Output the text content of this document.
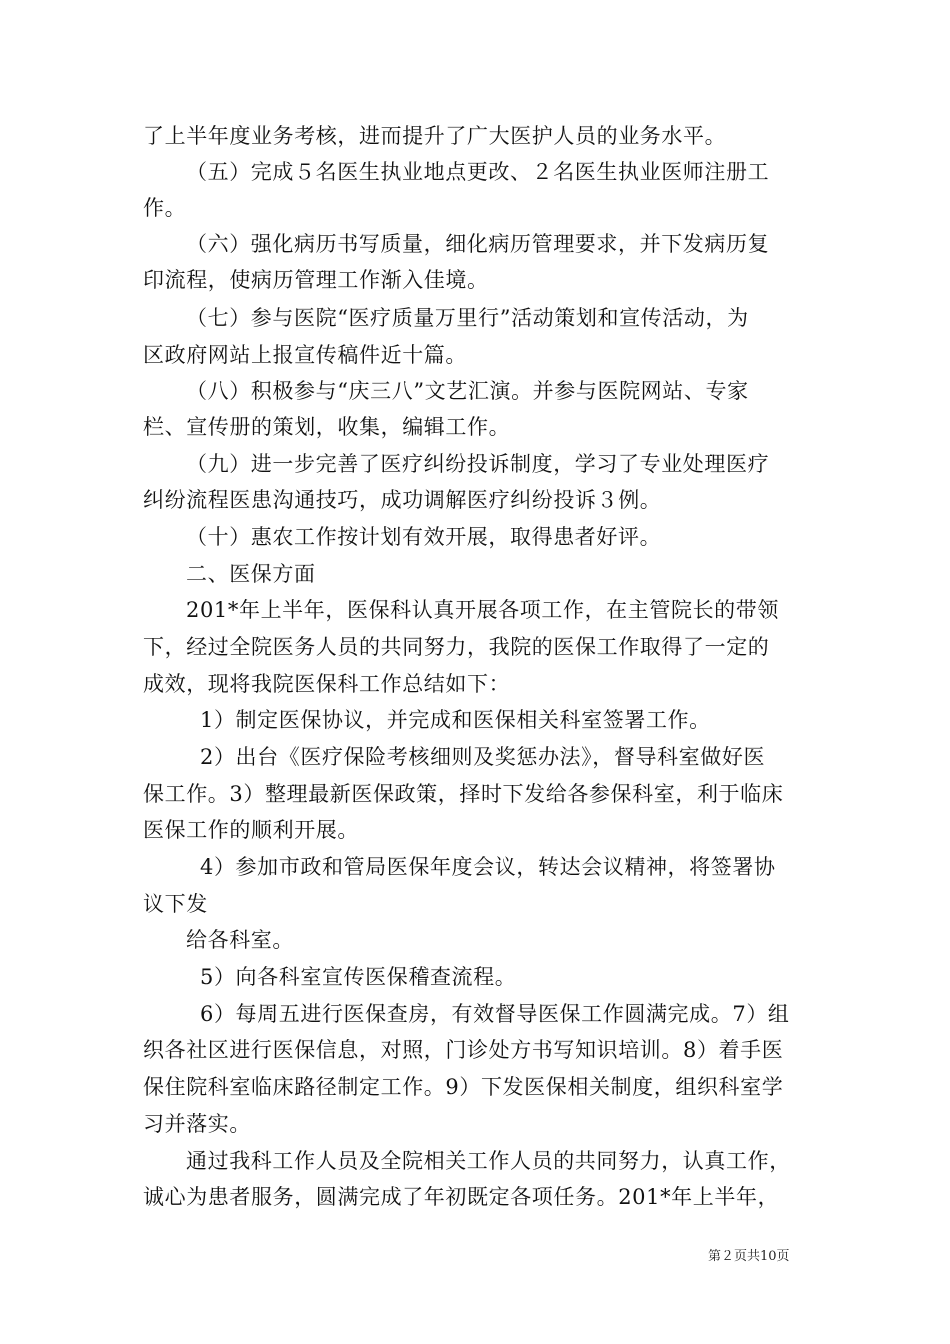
了上半年度业务考核，进而提升了广大医护人员的业务水平。
（五）完成５名医生执业地点更改、２名医生执业医师注册工
作。
（六）强化病历书写质量，细化病历管理要求，并下发病历复
印流程，使病历管理工作渐入佳境。
（七）参与医院“医疗质量万里行”活动策划和宣传活动，为
区政府网站上报宣传稿件近十篇。
（八）积极参与“庆三八”文艺汇演。并参与医院网站、专家
栏、宣传册的策划，收集，编辑工作。
（九）进一步完善了医疗纠纷投诉制度，学习了专业处理医疗
纠纷流程医患沟通技巧，成功调解医疗纠纷投诉３例。
（十）惠农工作按计划有效开展，取得患者好评。
二、医保方面
201*年上半年，医保科认真开展各项工作，在主管院长的带领
下，经过全院医务人员的共同努力，我院的医保工作取得了一定的
成效，现将我院医保科工作总结如下：
1）制定医保协议，并完成和医保相关科室签署工作。
2）出台《医疗保险考核细则及奖惩办法》，督导科室做好医
保工作。3）整理最新医保政策，择时下发给各参保科室，利于临床
医保工作的顺利开展。
4）参加市政和管局医保年度会议，转达会议精神，将签署协
议下发
给各科室。
5）向各科室宣传医保稽查流程。
6）每周五进行医保查房，有效督导医保工作圆满完成。7）组
织各社区进行医保信息，对照，门诊处方书写知识培训。8）着手医
保住院科室临床路径制定工作。9）下发医保相关制度，组织科室学
习并落实。
通过我科工作人员及全院相关工作人员的共同努力，认真工作，
诚心为患者服务，圆满完成了年初既定各项任务。201*年上半年，
第２页共10页
